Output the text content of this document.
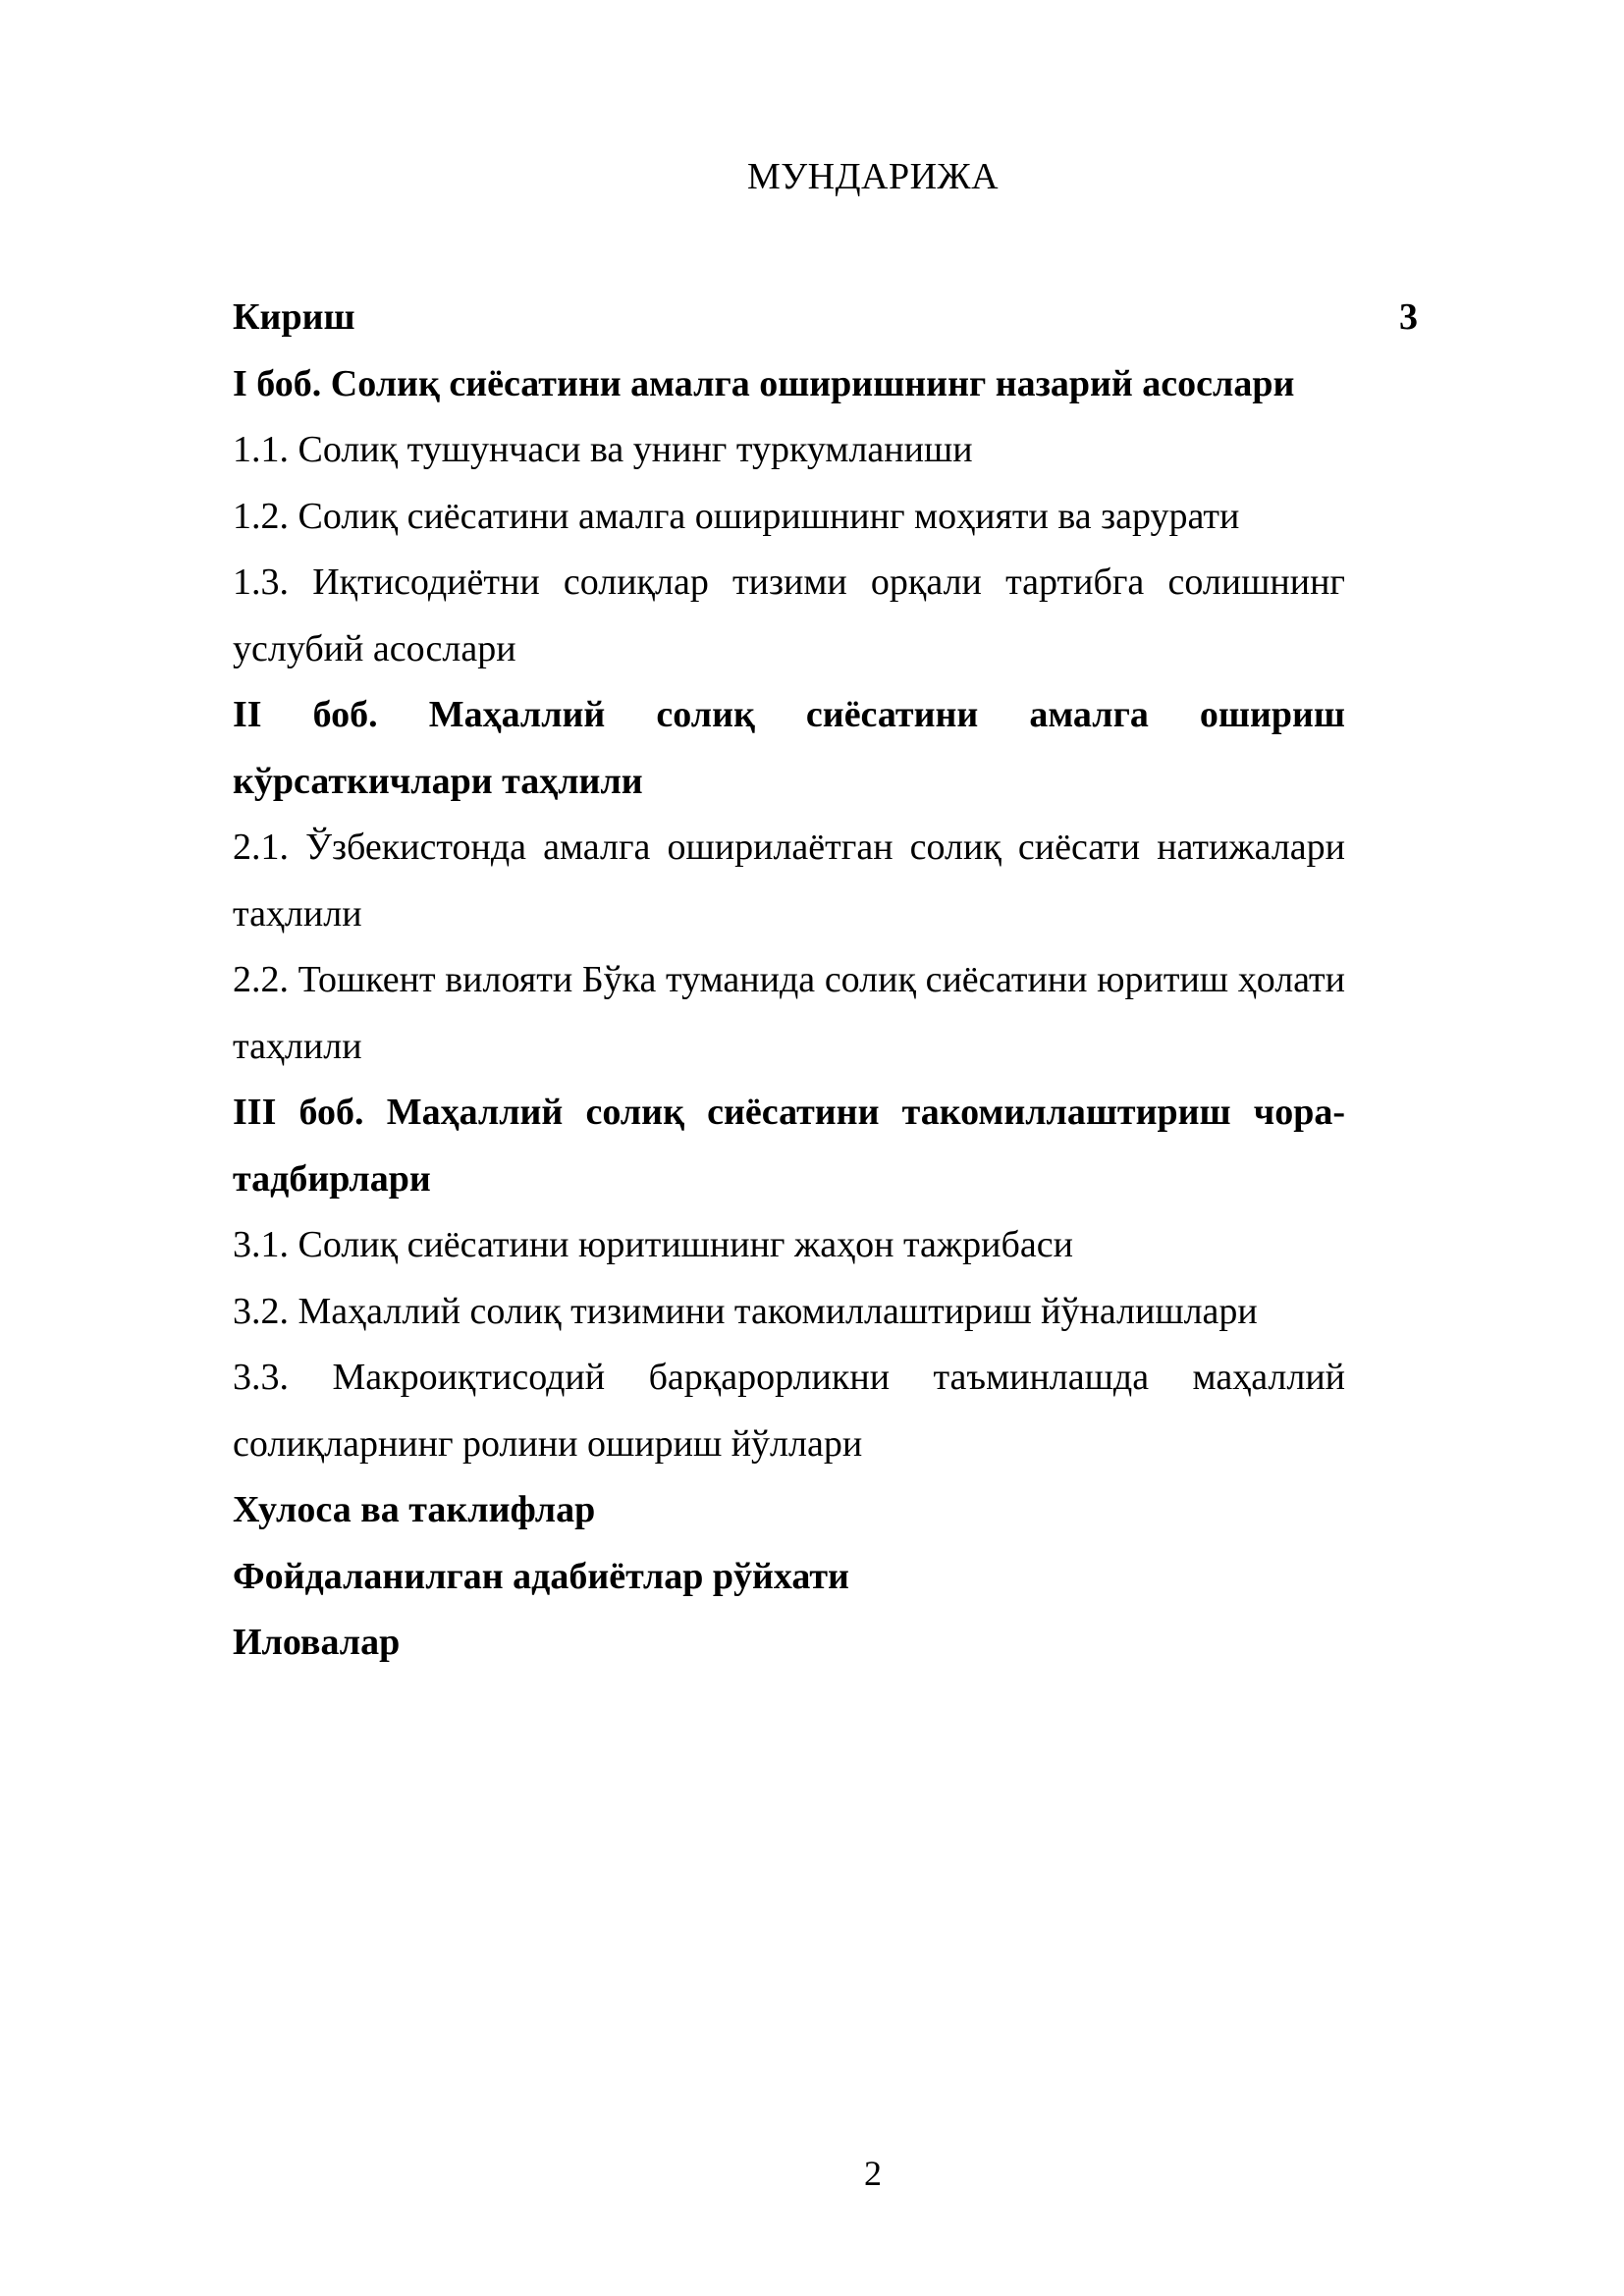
МУНДАРИЖА
Кириш	3
I боб. Солиқ сиёсатини амалга оширишнинг назарий асослари
1.1. Солиқ тушунчаси ва унинг туркумланиши
1.2. Солиқ сиёсатини амалга оширишнинг моҳияти ва зарурати
1.3. Иқтисодиётни солиқлар тизими орқали тартибга солишнинг услубий асослари
II боб. Маҳаллий солиқ сиёсатини амалга ошириш кўрсаткичлари таҳлили
2.1. Ўзбекистонда амалга оширилаётган солиқ сиёсати натижалари таҳлили
2.2. Тошкент вилояти Бўка туманида солиқ сиёсатини юритиш ҳолати таҳлили
III боб. Маҳаллий солиқ сиёсатини такомиллаштириш чора-тадбирлари
3.1. Солиқ сиёсатини юритишнинг жаҳон тажрибаси
3.2. Маҳаллий солиқ тизимини такомиллаштириш йўналишлари
3.3. Макроиқтисодий барқарорликни таъминлашда маҳаллий солиқларнинг ролини ошириш йўллари
Хулоса ва таклифлар
Фойдаланилган адабиётлар рўйхати
Иловалар
2
